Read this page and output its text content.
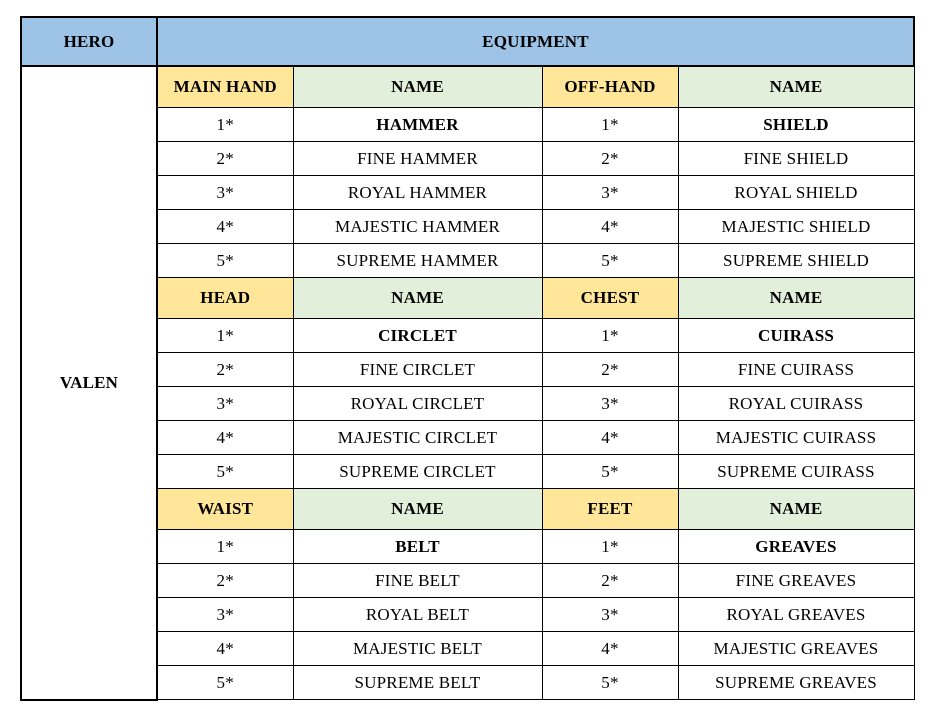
HERO	EQUIPMENT			
VALEN	MAIN HAND	NAME	OFF-HAND	NAME
	1*	HAMMER	1*	SHIELD
	2*	FINE HAMMER	2*	FINE SHIELD
	3*	ROYAL HAMMER	3*	ROYAL SHIELD
	4*	MAJESTIC HAMMER	4*	MAJESTIC SHIELD
	5*	SUPREME HAMMER	5*	SUPREME SHIELD
	HEAD	NAME	CHEST	NAME
	1*	CIRCLET	1*	CUIRASS
	2*	FINE CIRCLET	2*	FINE CUIRASS
	3*	ROYAL CIRCLET	3*	ROYAL CUIRASS
	4*	MAJESTIC CIRCLET	4*	MAJESTIC CUIRASS
	5*	SUPREME CIRCLET	5*	SUPREME CUIRASS
	WAIST	NAME	FEET	NAME
	1*	BELT	1*	GREAVES
	2*	FINE BELT	2*	FINE GREAVES
	3*	ROYAL BELT	3*	ROYAL GREAVES
	4*	MAJESTIC BELT	4*	MAJESTIC GREAVES
	5*	SUPREME BELT	5*	SUPREME GREAVES
